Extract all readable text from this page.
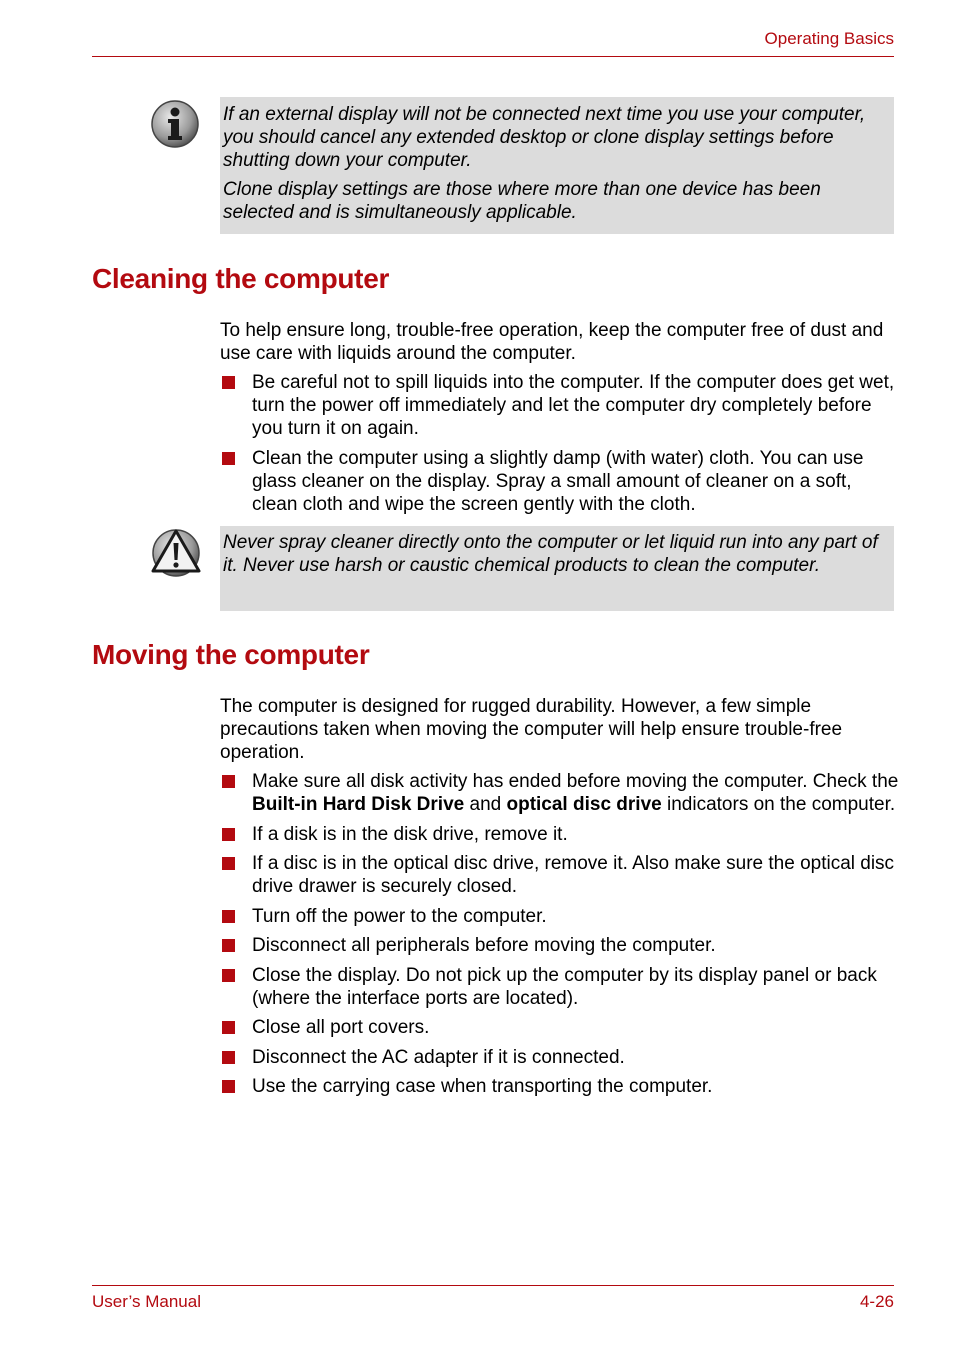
Operating Basics

If an external display will not be connected next time you use your computer, you should cancel any extended desktop or clone display settings before shutting down your computer.

Clone display settings are those where more than one device has been selected and is simultaneously applicable.

Cleaning the computer

To help ensure long, trouble-free operation, keep the computer free of dust and use care with liquids around the computer.

Be careful not to spill liquids into the computer. If the computer does get wet, turn the power off immediately and let the computer dry completely before you turn it on again.
Clean the computer using a slightly damp (with water) cloth. You can use glass cleaner on the display. Spray a small amount of cleaner on a soft, clean cloth and wipe the screen gently with the cloth.

Never spray cleaner directly onto the computer or let liquid run into any part of it. Never use harsh or caustic chemical products to clean the computer.

Moving the computer

The computer is designed for rugged durability. However, a few simple precautions taken when moving the computer will help ensure trouble-free operation.

Make sure all disk activity has ended before moving the computer. Check the Built-in Hard Disk Drive and optical disc drive indicators on the computer.
If a disk is in the disk drive, remove it.
If a disc is in the optical disc drive, remove it. Also make sure the optical disc drive drawer is securely closed.
Turn off the power to the computer.
Disconnect all peripherals before moving the computer.
Close the display. Do not pick up the computer by its display panel or back (where the interface ports are located).
Close all port covers.
Disconnect the AC adapter if it is connected.
Use the carrying case when transporting the computer.
User’s Manual	4-26
